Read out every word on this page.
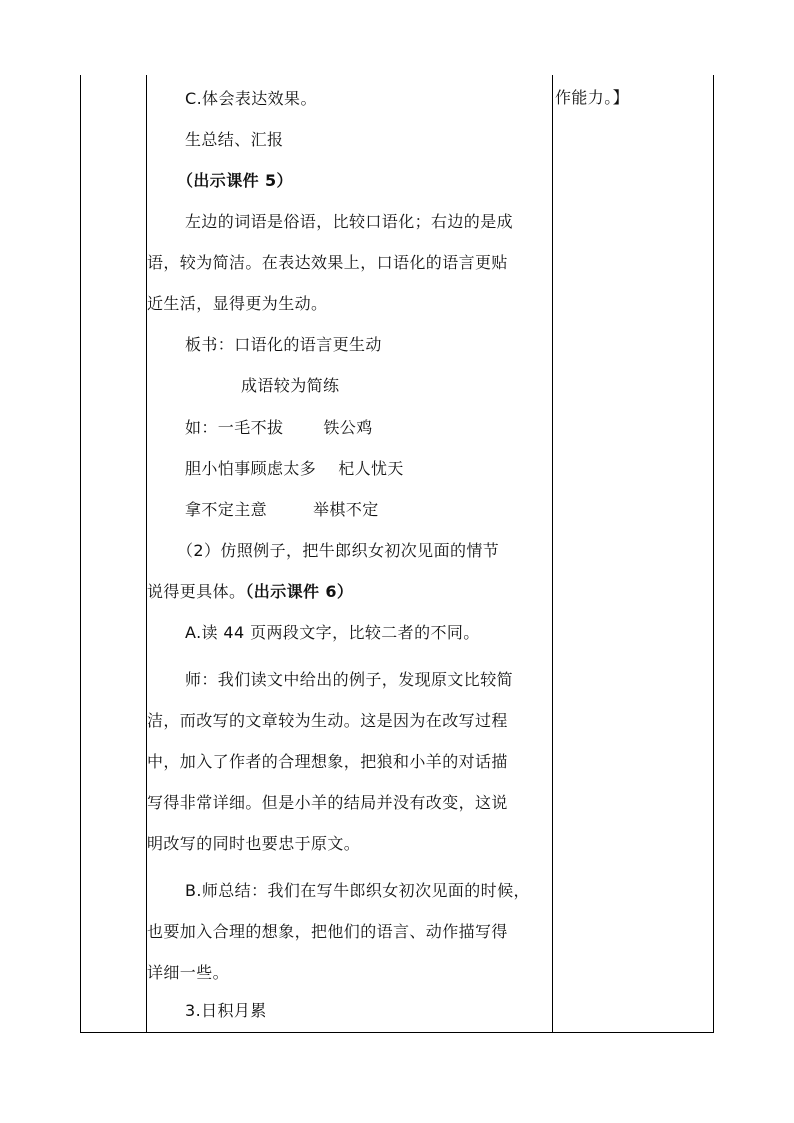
作能力。】
C.体会表达效果。
生总结、汇报
（出示课件 5）
左边的词语是俗语，比较口语化；右边的是成
语，较为简洁。在表达效果上，口语化的语言更贴
近生活，显得更为生动。
板书：口语化的语言更生动
成语较为简练
如：一毛不拔	铁公鸡
胆小怕事顾虑太多 杞人忧天
拿不定主意	举棋不定
（2）仿照例子，把牛郎织女初次见面的情节
说得更具体。（出示课件 6）
A.读 44 页两段文字，比较二者的不同。
师：我们读文中给出的例子，发现原文比较简
洁，而改写的文章较为生动。这是因为在改写过程
中，加入了作者的合理想象，把狼和小羊的对话描
写得非常详细。但是小羊的结局并没有改变，这说
明改写的同时也要忠于原文。
B.师总结：我们在写牛郎织女初次见面的时候，
也要加入合理的想象，把他们的语言、动作描写得
详细一些。
3.日积月累
